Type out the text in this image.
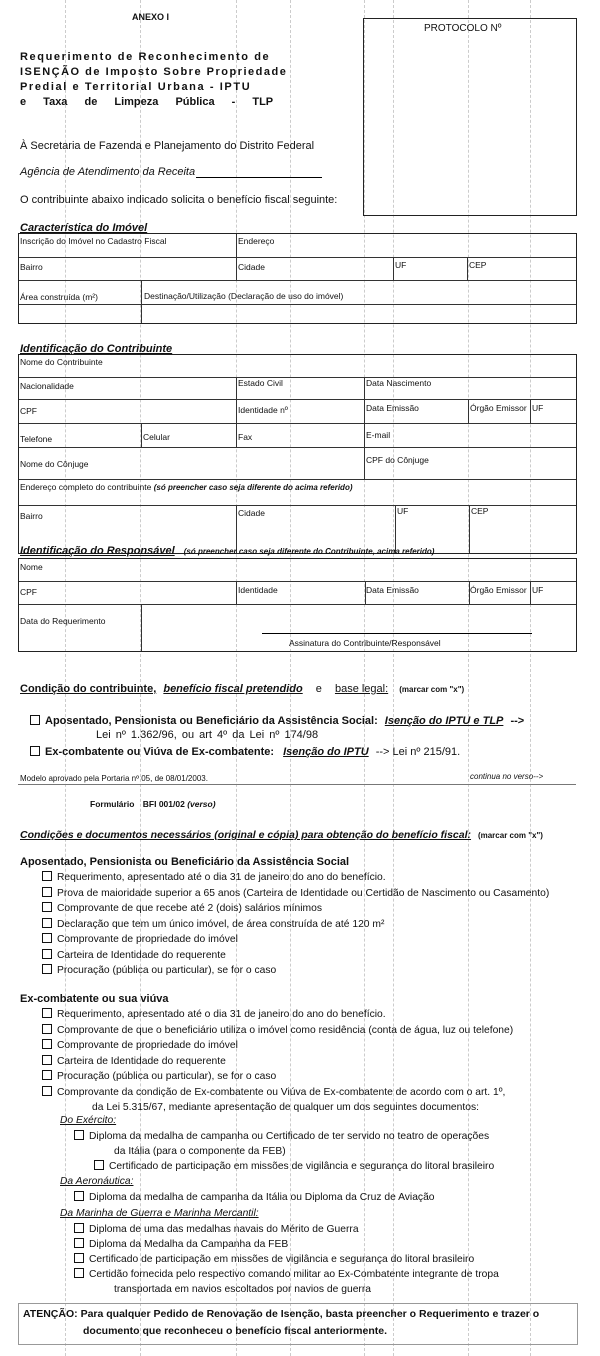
ANEXO I
PROTOCOLO Nº
Requerimento de Reconhecimento de
ISENÇÃO de Imposto Sobre Propriedade
Predial e Territorial Urbana - IPTU
e Taxa de Limpeza Pública - TLP
À Secretaria de Fazenda e Planejamento do Distrito Federal
Agência de Atendimento da Receita
O contribuinte abaixo indicado solicita o benefício fiscal seguinte:
Característica do Imóvel
Inscrição do Imóvel no Cadastro Fiscal	Endereço
Bairro	Cidade	UF	CEP
Área construída (m²)	Destinação/Utilização (Declaração de uso do imóvel)
Identificação do Contribuinte
Nome do Contribuinte
Nacionalidade	Estado Civil	Data Nascimento
CPF	Identidade nº	Data Emissão	Órgão Emissor UF
Telefone	Celular	Fax	E-mail
Nome do Cônjuge	CPF do Cônjuge
Endereço completo do contribuinte (só preencher caso seja diferente do acima referido)
Bairro	Cidade	UF	CEP
Identificação do Responsável (só preencher caso seja diferente do Contribuinte, acima referido)
Nome
CPF	Identidade	Data Emissão	Órgão Emissor UF
Data do Requerimento
Assinatura do Contribuinte/Responsável
Condição do contribuinte, benefício fiscal pretendido e base legal: (marcar com "x")
Aposentado, Pensionista ou Beneficiário da Assistência Social: Isenção do IPTU e TLP -->
Lei nº 1.362/96, ou art 4º da Lei nº 174/98
Ex-combatente ou Viúva de Ex-combatente: Isenção do IPTU --> Lei nº 215/91.
Modelo aprovado pela Portaria nº 05, de 08/01/2003.	continua no verso-->
Formulário BFI 001/02 (verso)
Condições e documentos necessários (original e cópia) para obtenção do benefício fiscal: (marcar com "x")
Aposentado, Pensionista ou Beneficiário da Assistência Social
Requerimento, apresentado até o dia 31 de janeiro do ano do benefício.
Prova de maioridade superior a 65 anos (Carteira de Identidade ou Certidão de Nascimento ou Casamento)
Comprovante de que recebe até 2 (dois) salários mínimos
Declaração que tem um único imóvel, de área construída de até 120 m²
Comprovante de propriedade do imóvel
Carteira de Identidade do requerente
Procuração (pública ou particular), se for o caso
Ex-combatente ou sua viúva
Requerimento, apresentado até o dia 31 de janeiro do ano do benefício.
Comprovante de que o beneficiário utiliza o imóvel como residência (conta de água, luz ou telefone)
Comprovante de propriedade do imóvel
Carteira de Identidade do requerente
Procuração (pública ou particular), se for o caso
Comprovante da condição de Ex-combatente ou Viúva de Ex-combatente de acordo com o art. 1º,
da Lei 5.315/67, mediante apresentação de qualquer um dos seguintes documentos:
Do Exército:
Diploma da medalha de campanha ou Certificado de ter servido no teatro de operações
da Itália (para o componente da FEB)
Certificado de participação em missões de vigilância e segurança do litoral brasileiro
Da Aeronáutica:
Diploma da medalha de campanha da Itália ou Diploma da Cruz de Aviação
Da Marinha de Guerra e Marinha Mercantil:
Diploma de uma das medalhas navais do Mérito de Guerra
Diploma da Medalha da Campanha da FEB
Certificado de participação em missões de vigilância e segurança do litoral brasileiro
Certidão fornecida pelo respectivo comando militar ao Ex-Combatente integrante de tropa
transportada em navios escoltados por navios de guerra
ATENÇÃO: Para qualquer Pedido de Renovação de Isenção, basta preencher o Requerimento e trazer o
documento que reconheceu o benefício fiscal anteriormente.
